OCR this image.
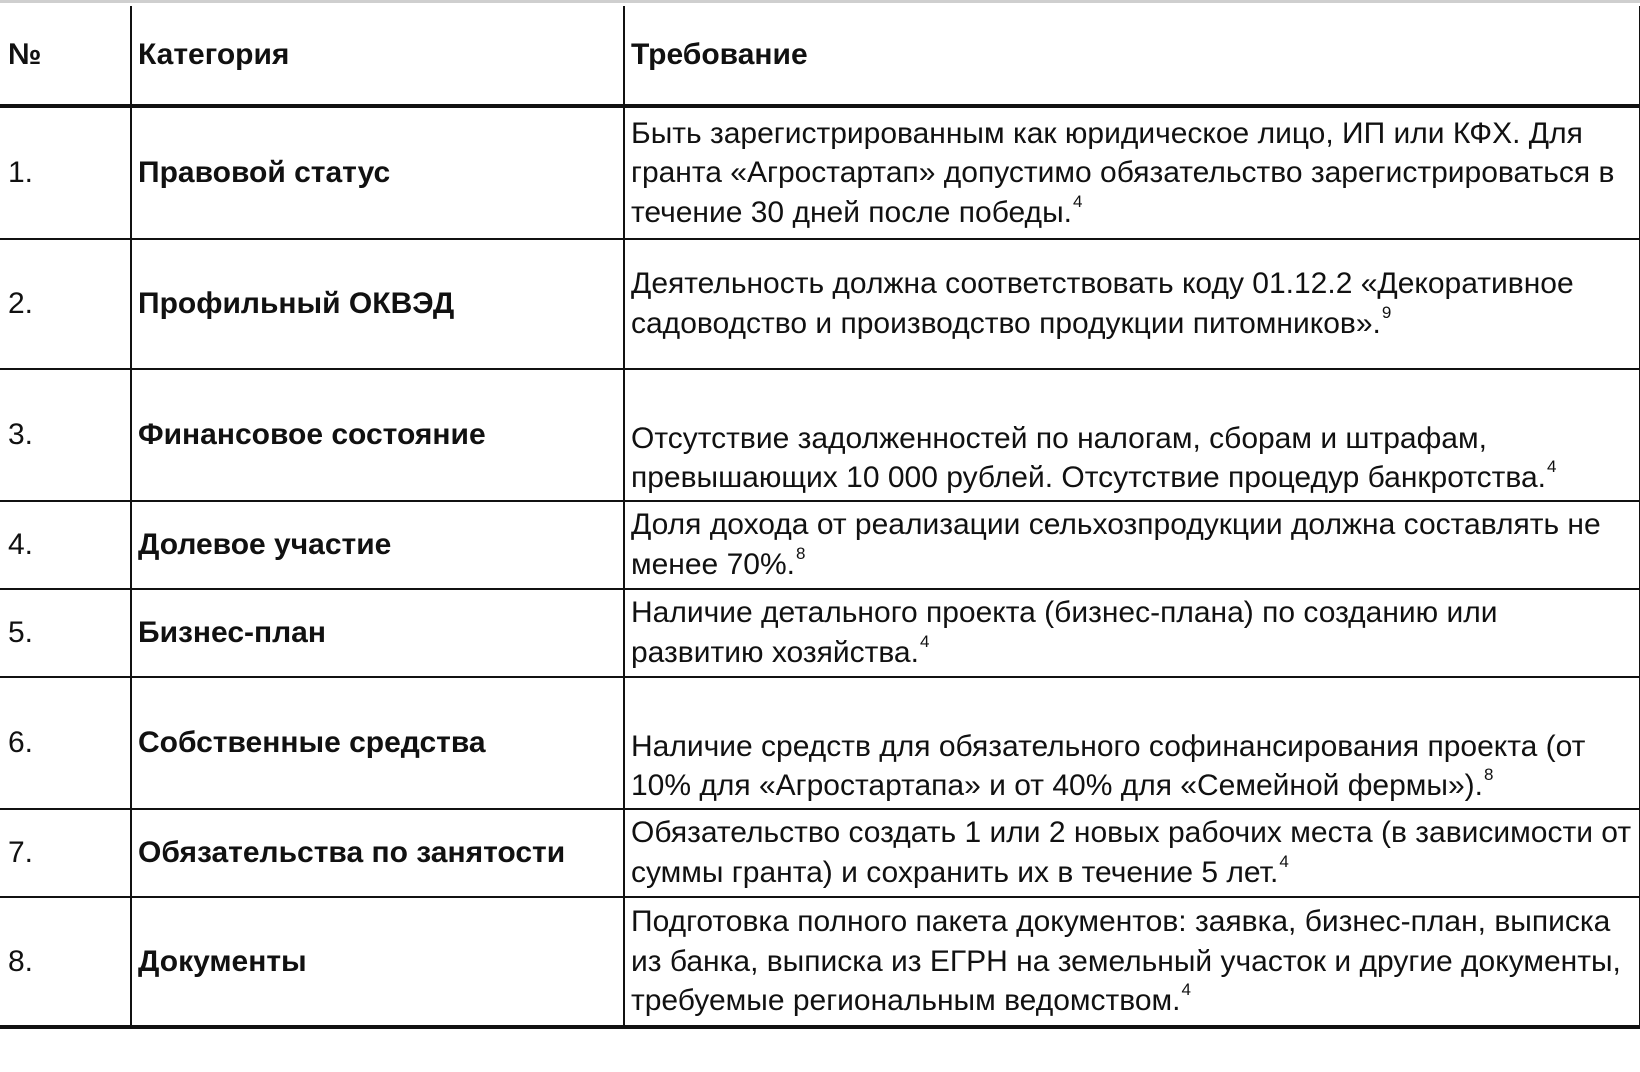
№	Категория	Требование
1.	Правовой статус	Быть зарегистрированным как юридическое лицо, ИП или КФХ. Для гранта «Агростартап» допустимо обязательство зарегистрироваться в течение 30 дней после победы.$^4$
2.	Профильный ОКВЭД	Деятельность должна соответствовать коду 01.12.2 «Декоративное садоводство и производство продукции питомников».$^9$
3.	Финансовое состояние	Отсутствие задолженностей по налогам, сборам и штрафам, превышающих 10 000 рублей. Отсутствие процедур банкротства.$^4$
4.	Долевое участие	Доля дохода от реализации сельхозпродукции должна составлять не менее 70%.$^8$
5.	Бизнес-план	Наличие детального проекта (бизнес-плана) по созданию или развитию хозяйства.$^4$
6.	Собственные средства	Наличие средств для обязательного софинансирования проекта (от 10% для «Агростартапа» и от 40% для «Семейной фермы»).$^8$
7.	Обязательства по занятости	Обязательство создать 1 или 2 новых рабочих места (в зависимости от суммы гранта) и сохранить их в течение 5 лет.$^4$
8.	Документы	Подготовка полного пакета документов: заявка, бизнес-план, выписка из банка, выписка из ЕГРН на земельный участок и другие документы, требуемые региональным ведомством.$^4$
